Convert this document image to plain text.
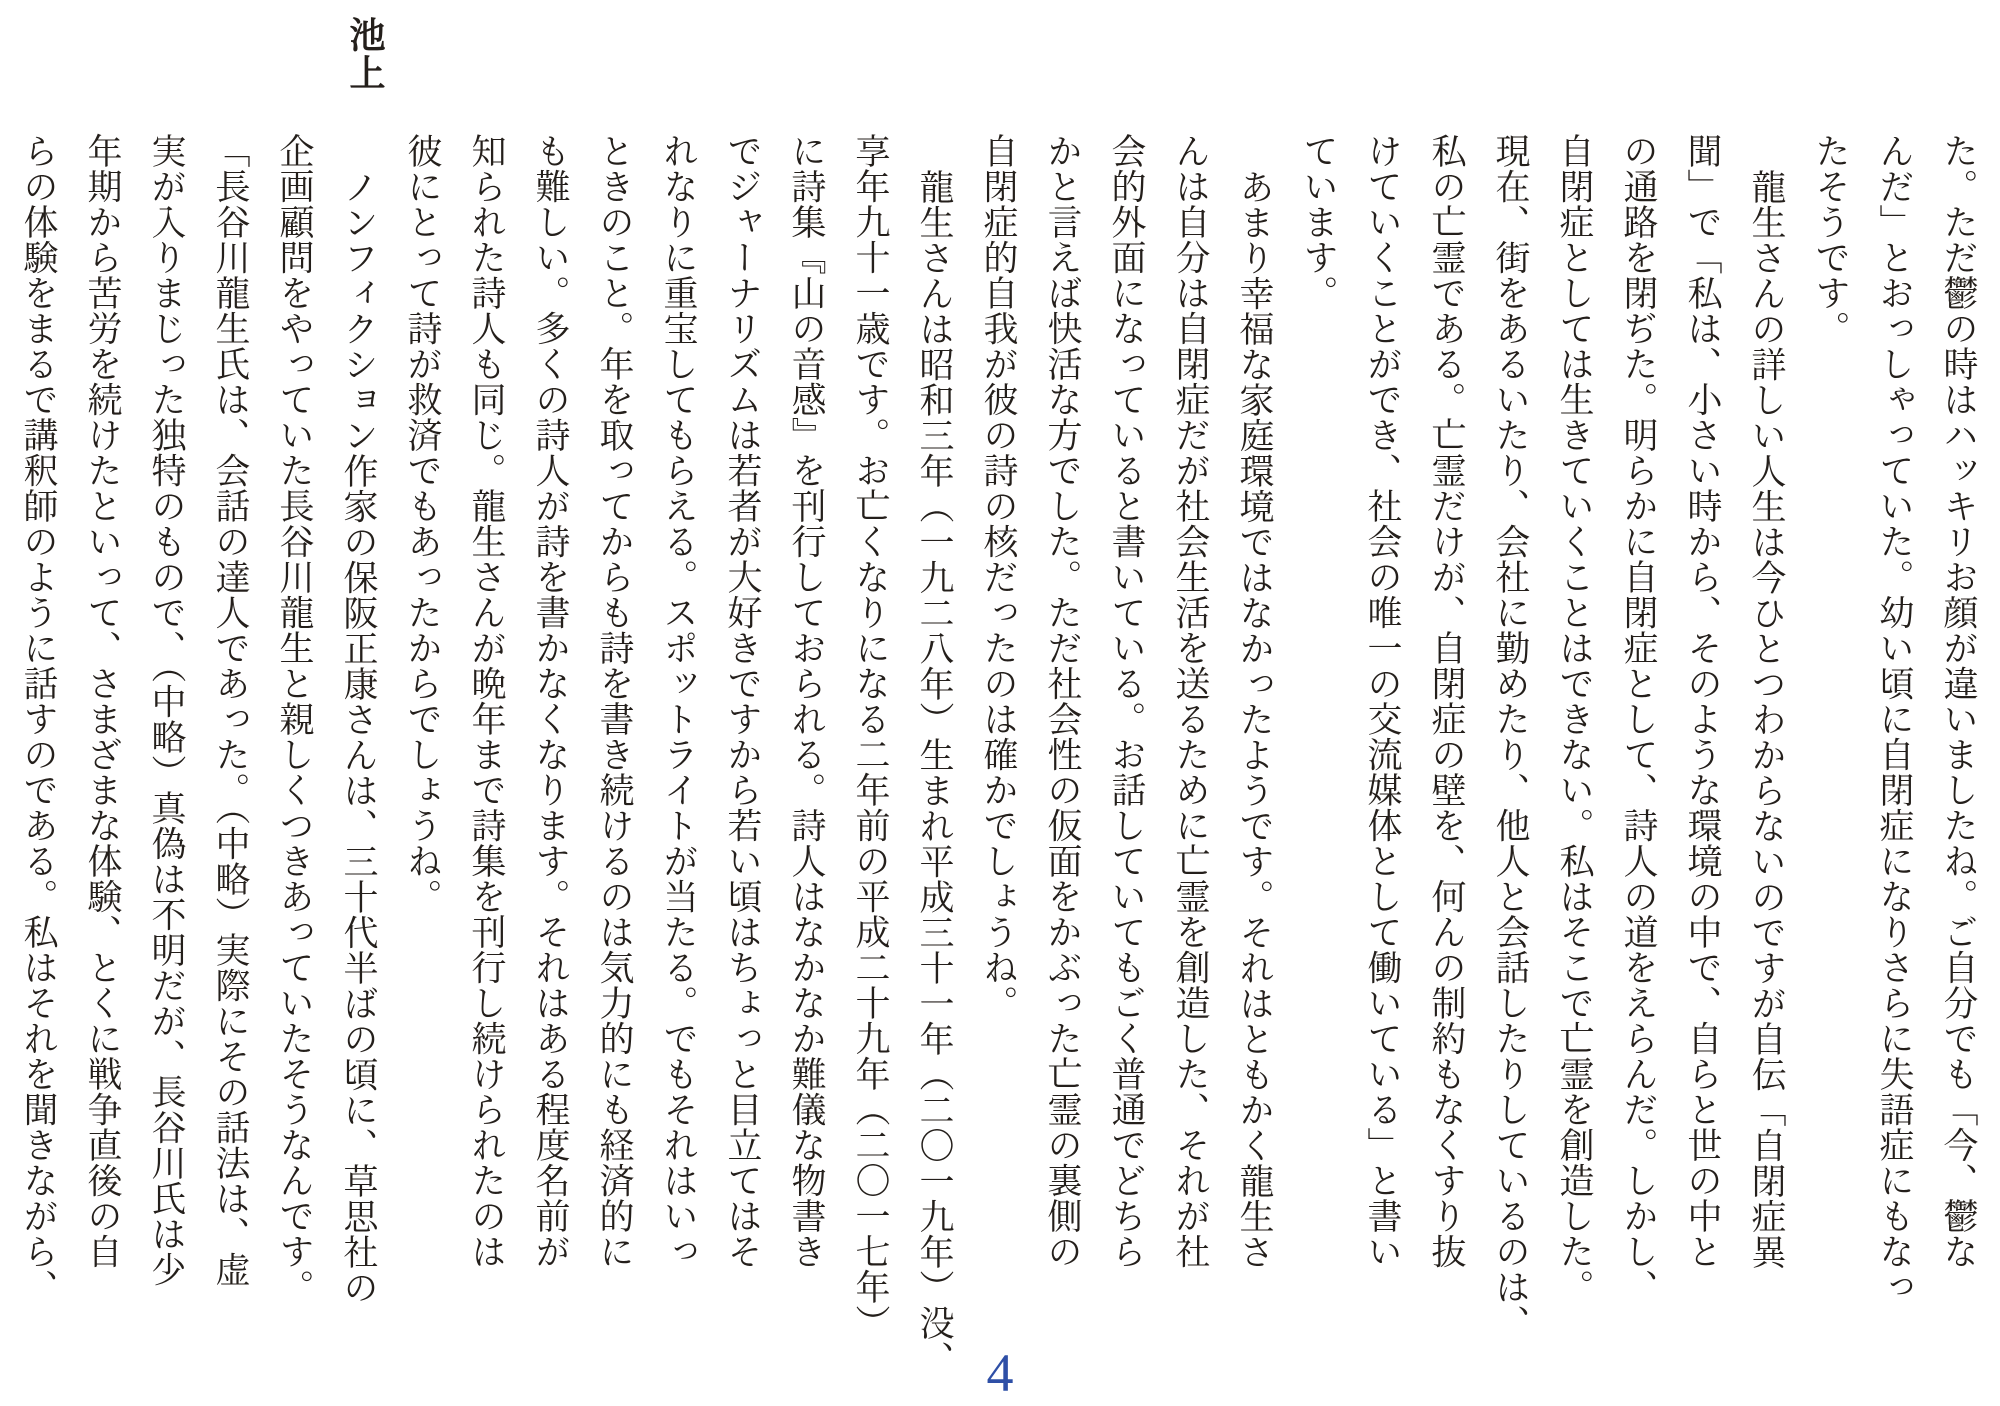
池上
た。ただ鬱の時はハッキリお顔が違いましたね。ご自分でも「今、鬱な
んだ」とおっしゃっていた。幼い頃に自閉症になりさらに失語症にもなっ
たそうです。
龍生さんの詳しい人生は今ひとつわからないのですが自伝「自閉症異
聞」で「私は、小さい時から、そのような環境の中で、自らと世の中と
の通路を閉ぢた。明らかに自閉症として、詩人の道をえらんだ。しかし、
自閉症としては生きていくことはできない。私はそこで亡霊を創造した。
現在、街をあるいたり、会社に勤めたり、他人と会話したりしているのは、
私の亡霊である。亡霊だけが、自閉症の壁を、何んの制約もなくすり抜
けていくことができ、社会の唯一の交流媒体として働いている」と書い
ています。
あまり幸福な家庭環境ではなかったようです。それはともかく龍生さ
んは自分は自閉症だが社会生活を送るために亡霊を創造した、それが社
会的外面になっていると書いている。お話していてもごく普通でどちら
かと言えば快活な方でした。ただ社会性の仮面をかぶった亡霊の裏側の
自閉症的自我が彼の詩の核だったのは確かでしょうね。
龍生さんは昭和三年（一九二八年）生まれ平成三十一年（二〇一九年）没、
享年九十一歳です。お亡くなりになる二年前の平成二十九年（二〇一七年）
に詩集『山の音感』を刊行しておられる。詩人はなかなか難儀な物書き
でジャーナリズムは若者が大好きですから若い頃はちょっと目立てはそ
れなりに重宝してもらえる。スポットライトが当たる。でもそれはいっ
ときのこと。年を取ってからも詩を書き続けるのは気力的にも経済的に
も難しい。多くの詩人が詩を書かなくなります。それはある程度名前が
知られた詩人も同じ。龍生さんが晩年まで詩集を刊行し続けられたのは
彼にとって詩が救済でもあったからでしょうね。
ノンフィクション作家の保阪正康さんは、三十代半ばの頃に、草思社の
企画顧問をやっていた長谷川龍生と親しくつきあっていたそうなんです。
「長谷川龍生氏は、会話の達人であった。（中略）実際にその話法は、虚
実が入りまじった独特のもので、（中略）真偽は不明だが、長谷川氏は少
年期から苦労を続けたといって、さまざまな体験、とくに戦争直後の自
らの体験をまるで講釈師のように話すのである。私はそれを聞きながら、
4
